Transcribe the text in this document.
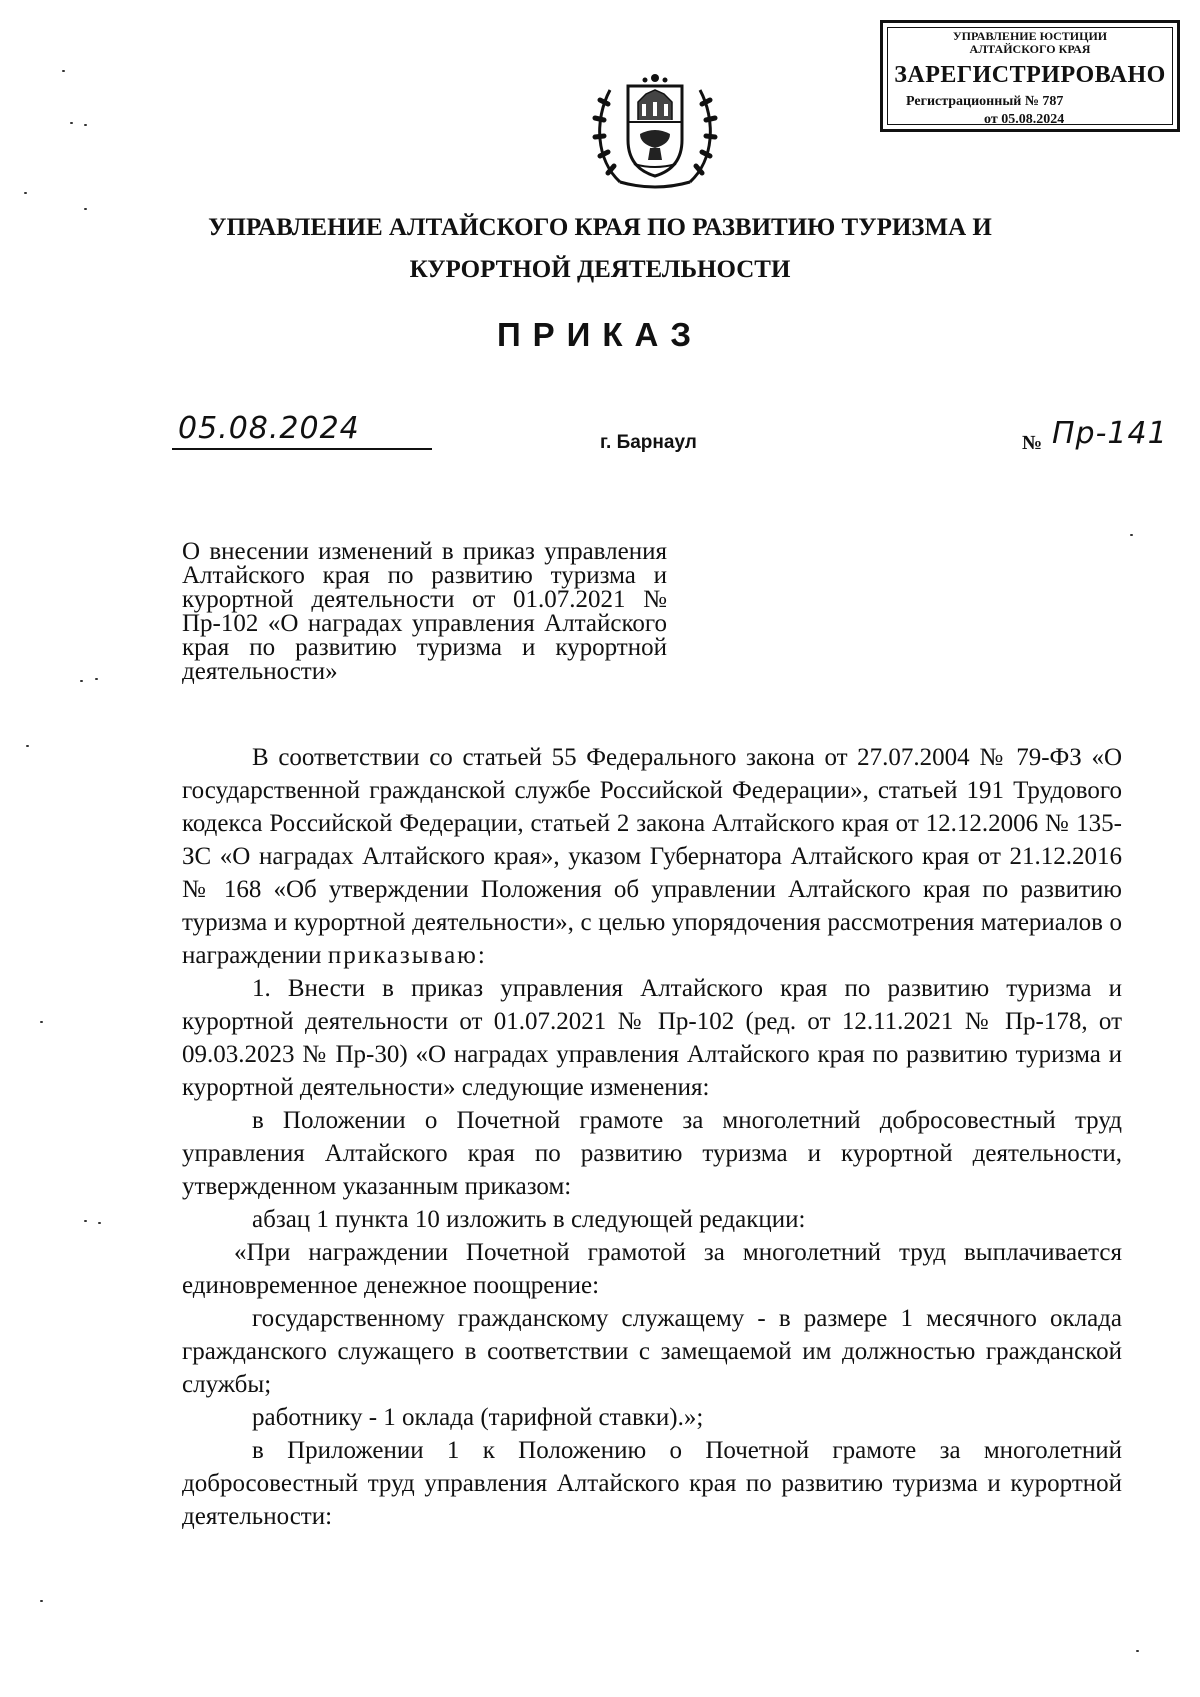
УПРАВЛЕНИЕ ЮСТИЦИИ
АЛТАЙСКОГО КРАЯ
ЗАРЕГИСТРИРОВАНО
Регистрационный № 787
от 05.08.2024
УПРАВЛЕНИЕ АЛТАЙСКОГО КРАЯ ПО РАЗВИТИЮ ТУРИЗМА И
КУРОРТНОЙ ДЕЯТЕЛЬНОСТИ
ПРИКАЗ
05.08.2024	г. Барнаул	№ Пр-141
О внесении изменений в приказ управления Алтайского края по развитию туризма и курортной деятельности от 01.07.2021 № Пр-102 «О наградах управления Алтайского края по развитию туризма и курортной деятельности»

В соответствии со статьей 55 Федерального закона от 27.07.2004 № 79-ФЗ «О государственной гражданской службе Российской Федерации», статьей 191 Трудового кодекса Российской Федерации, статьей 2 закона Алтайского края от 12.12.2006 № 135-ЗС «О наградах Алтайского края», указом Губернатора Алтайского края от 21.12.2016 № 168 «Об утверждении Положения об управлении Алтайского края по развитию туризма и курортной деятельности», с целью упорядочения рассмотрения материалов о награждении приказываю:

1. Внести в приказ управления Алтайского края по развитию туризма и курортной деятельности от 01.07.2021 № Пр-102 (ред. от 12.11.2021 № Пр-178, от 09.03.2023 № Пр-30) «О наградах управления Алтайского края по развитию туризма и курортной деятельности» следующие изменения:

в Положении о Почетной грамоте за многолетний добросовестный труд управления Алтайского края по развитию туризма и курортной деятельности, утвержденном указанным приказом:

абзац 1 пункта 10 изложить в следующей редакции:

«При награждении Почетной грамотой за многолетний труд выплачивается единовременное денежное поощрение:

государственному гражданскому служащему - в размере 1 месячного оклада гражданского служащего в соответствии с замещаемой им должностью гражданской службы;

работнику - 1 оклада (тарифной ставки).»;

в Приложении 1 к Положению о Почетной грамоте за многолетний добросовестный труд управления Алтайского края по развитию туризма и курортной деятельности:
